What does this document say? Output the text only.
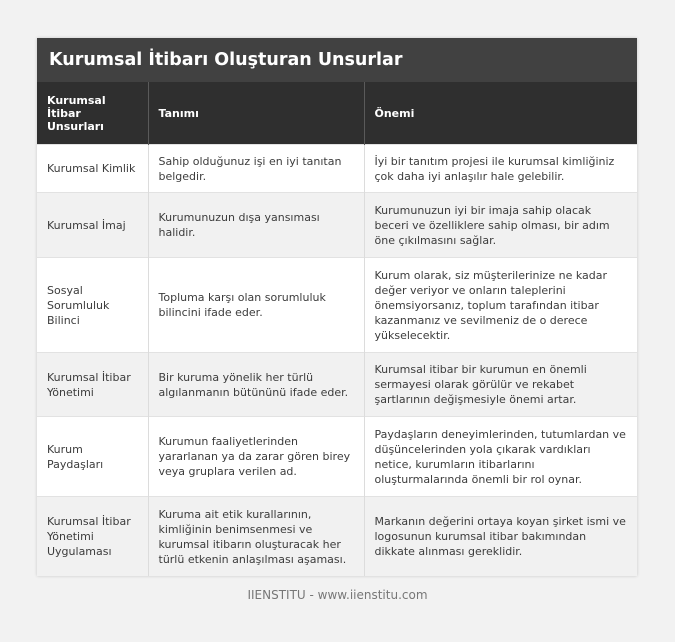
Kurumsal İtibarı Oluşturan Unsurlar
Kurumsal İtibar Unsurları	Tanımı	Önemi
Kurumsal Kimlik	Sahip olduğunuz işi en iyi tanıtan belgedir.	İyi bir tanıtım projesi ile kurumsal kimliğiniz çok daha iyi anlaşılır hale gelebilir.
Kurumsal İmaj	Kurumunuzun dışa yansıması halidir.	Kurumunuzun iyi bir imaja sahip olacak beceri ve özelliklere sahip olması, bir adım öne çıkılmasını sağlar.
Sosyal Sorumluluk Bilinci	Topluma karşı olan sorumluluk bilincini ifade eder.	Kurum olarak, siz müşterilerinize ne kadar değer veriyor ve onların taleplerini önemsiyorsanız, toplum tarafından itibar kazanmanız ve sevilmeniz de o derece yükselecektir.
Kurumsal İtibar Yönetimi	Bir kuruma yönelik her türlü algılanmanın bütününü ifade eder.	Kurumsal itibar bir kurumun en önemli sermayesi olarak görülür ve rekabet şartlarının değişmesiyle önemi artar.
Kurum Paydaşları	Kurumun faaliyetlerinden yararlanan ya da zarar gören birey veya gruplara verilen ad.	Paydaşların deneyimlerinden, tutumlardan ve düşüncelerinden yola çıkarak vardıkları netice, kurumların itibarlarını oluşturmalarında önemli bir rol oynar.
Kurumsal İtibar Yönetimi Uygulaması	Kuruma ait etik kurallarının, kimliğinin benimsenmesi ve kurumsal itibarın oluşturacak her türlü etkenin anlaşılması aşaması.	Markanın değerini ortaya koyan şirket ismi ve logosunun kurumsal itibar bakımından dikkate alınması gereklidir.
IIENSTITU - www.iienstitu.com
